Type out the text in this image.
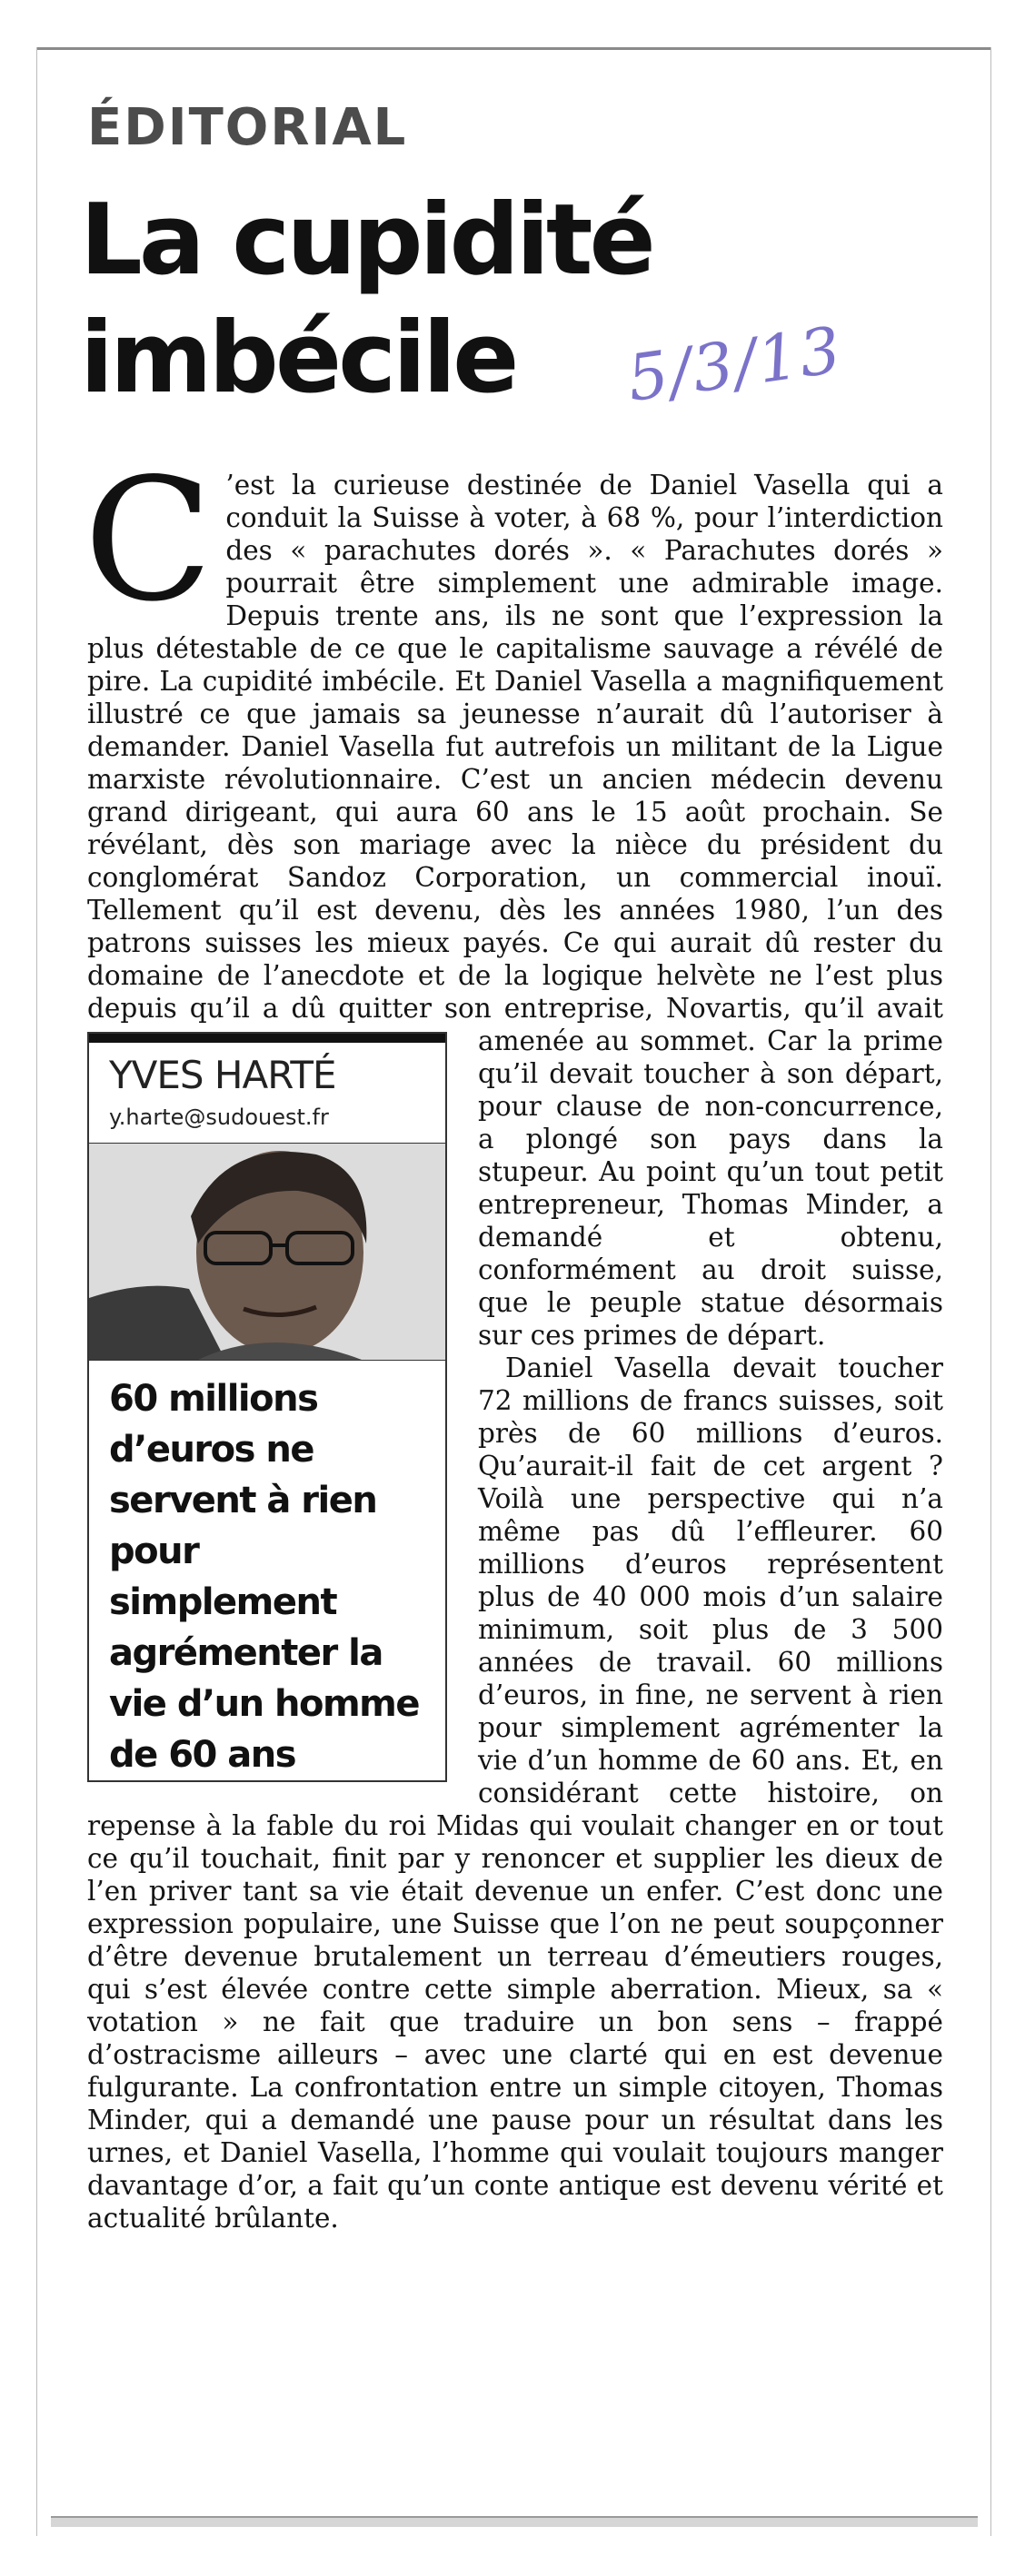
ÉDITORIAL
La cupidité imbécile	5/3/13

C ’est la curieuse destinée de Daniel Vasella qui a conduit la Suisse à voter, à 68 %, pour l’interdiction des « parachutes dorés ». « Parachutes dorés » pourrait être simplement une admirable image. Depuis trente ans, ils ne sont que l’expression la plus détestable de ce que le capitalisme sauvage a révélé de pire. La cupidité imbécile. Et Daniel Vasella a magnifiquement illustré ce que jamais sa jeunesse n’aurait dû l’autoriser à demander. Daniel Vasella fut autrefois un militant de la Ligue marxiste révolutionnaire. C’est un ancien médecin devenu grand dirigeant, qui aura 60 ans le 15 août prochain. Se révélant, dès son mariage avec la nièce du président du conglomérat Sandoz Corporation, un commercial inouï. Tellement qu’il est devenu, dès les années 1980, l’un des patrons suisses les mieux payés. Ce qui aurait dû rester du domaine de l’anecdote et de la logique helvète ne l’est plus depuis qu’il a dû quitter son entreprise, Novartis, qu’il avait amenée au sommet. Car la prime
YVES HARTÉ
y.harte@sudouest.fr
60 millions d’euros ne servent à rien pour simplement agrémenter la vie d’un homme de 60 ans
qu’il devait toucher à son départ, pour clause de non-concurrence, a plongé son pays dans la stupeur. Au point qu’un tout petit entrepreneur, Thomas Minder, a demandé et obtenu, conformément au droit suisse, que le peuple statue désormais sur ces primes de départ.

Daniel Vasella devait toucher 72 millions de francs suisses, soit près de 60 millions d’euros. Qu’aurait-il fait de cet argent ? Voilà une perspective qui n’a même pas dû l’effleurer. 60 millions d’euros représentent plus de 40 000 mois d’un salaire minimum, soit plus de 3 500 années de travail. 60 millions d’euros, in fine, ne servent à rien pour simplement agrémenter la vie d’un homme de 60 ans. Et, en considérant cette histoire, on repense à la fable du roi Midas qui voulait changer en or tout ce qu’il touchait, finit par y renoncer et supplier les dieux de l’en priver tant sa vie était devenue un enfer. C’est donc une expression populaire, une Suisse que l’on ne peut soupçonner d’être devenue brutalement un terreau d’émeutiers rouges, qui s’est élevée contre cette simple aberration. Mieux, sa « votation » ne fait que traduire un bon sens – frappé d’ostracisme ailleurs – avec une clarté qui en est devenue fulgurante. La confrontation entre un simple citoyen, Thomas Minder, qui a demandé une pause pour un résultat dans les urnes, et Daniel Vasella, l’homme qui voulait toujours manger davantage d’or, a fait qu’un conte antique est devenu vérité et actualité brûlante.
